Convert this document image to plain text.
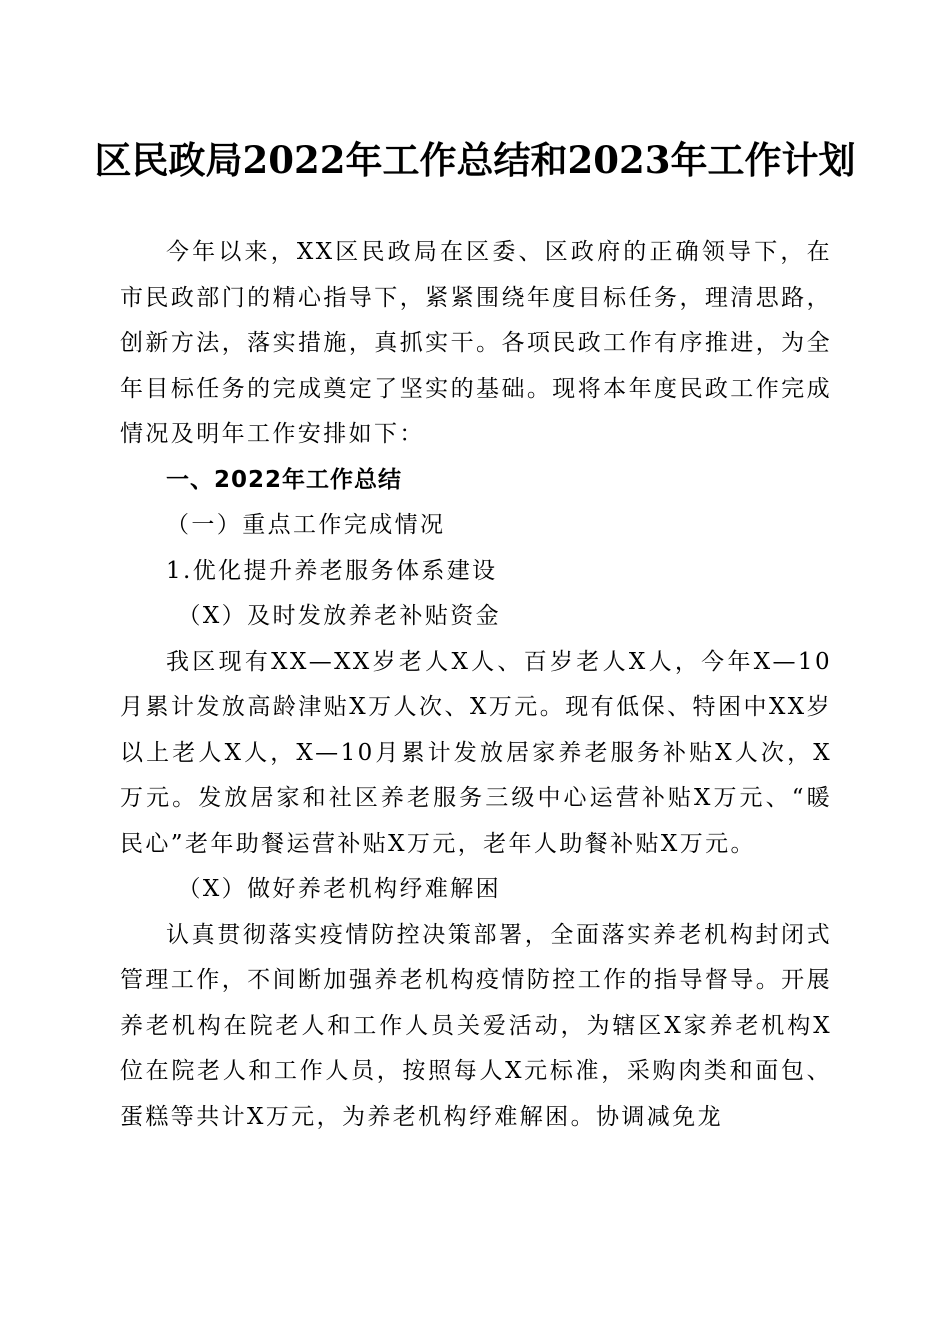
区民政局2022年工作总结和2023年工作计划

今年以来，XX区民政局在区委、区政府的正确领导下，在市民政部门的精心指导下，紧紧围绕年度目标任务，理清思路，创新方法，落实措施，真抓实干。各项民政工作有序推进，为全年目标任务的完成奠定了坚实的基础。现将本年度民政工作完成情况及明年工作安排如下：

一、2022年工作总结

（一）重点工作完成情况

1.优化提升养老服务体系建设

（X）及时发放养老补贴资金

我区现有XX—XX岁老人X人、百岁老人X人，今年X—10月累计发放高龄津贴X万人次、X万元。现有低保、特困中XX岁以上老人X人，X—10月累计发放居家养老服务补贴X人次，X万元。发放居家和社区养老服务三级中心运营补贴X万元、“暖民心”老年助餐运营补贴X万元，老年人助餐补贴X万元。

（X）做好养老机构纾难解困

认真贯彻落实疫情防控决策部署，全面落实养老机构封闭式管理工作，不间断加强养老机构疫情防控工作的指导督导。开展养老机构在院老人和工作人员关爱活动，为辖区X家养老机构X位在院老人和工作人员，按照每人X元标准，采购肉类和面包、蛋糕等共计X万元，为养老机构纾难解困。协调减免龙
